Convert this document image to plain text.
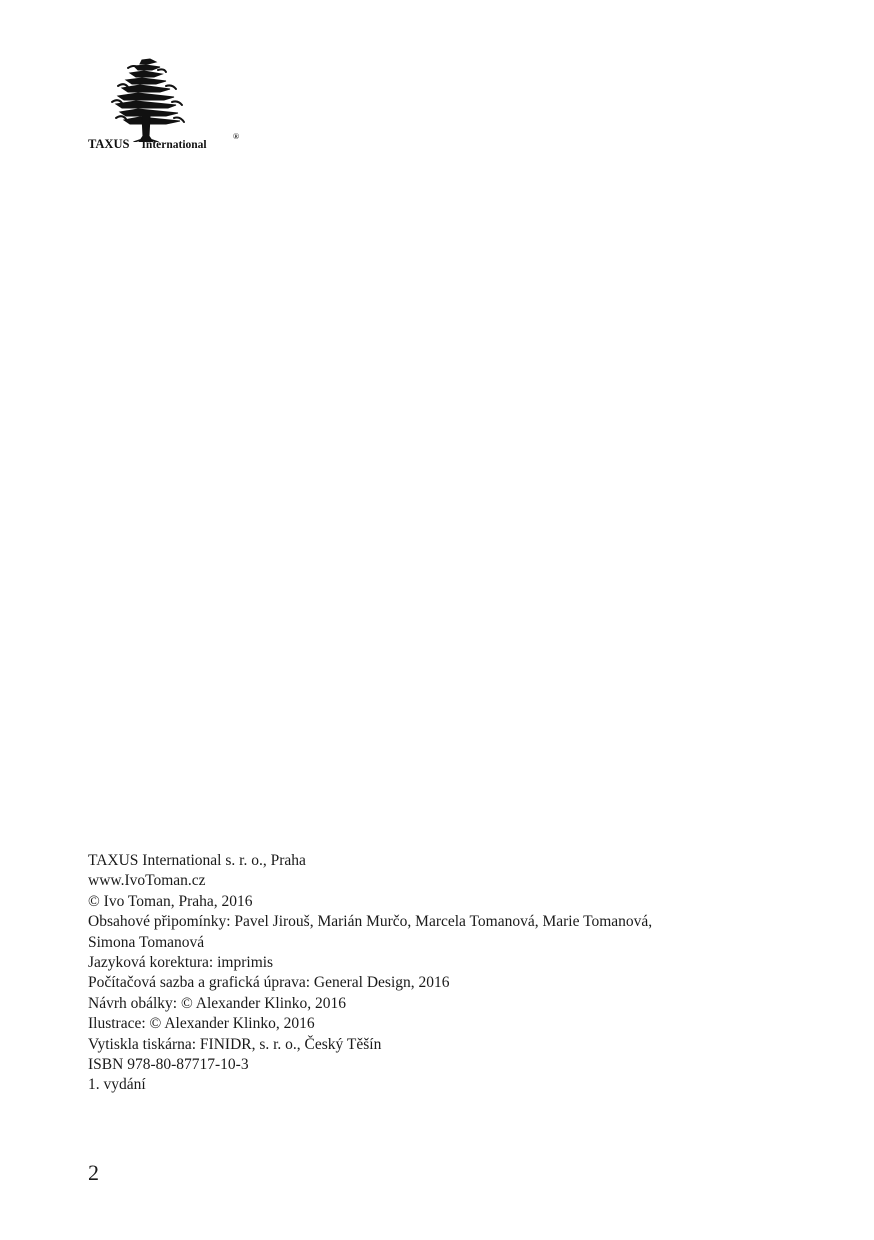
TAXUS International
®
TAXUS International s. r. o., Praha
www.IvoToman.cz
© Ivo Toman, Praha, 2016
Obsahové připomínky: Pavel Jirouš, Marián Murčo, Marcela Tomanová, Marie Tomanová,
Simona Tomanová
Jazyková korektura: imprimis
Počítačová sazba a grafická úprava: General Design, 2016
Návrh obálky: © Alexander Klinko, 2016
Ilustrace: © Alexander Klinko, 2016
Vytiskla tiskárna: FINIDR, s. r. o., Český Těšín
ISBN 978-80-87717-10-3
1. vydání
2
